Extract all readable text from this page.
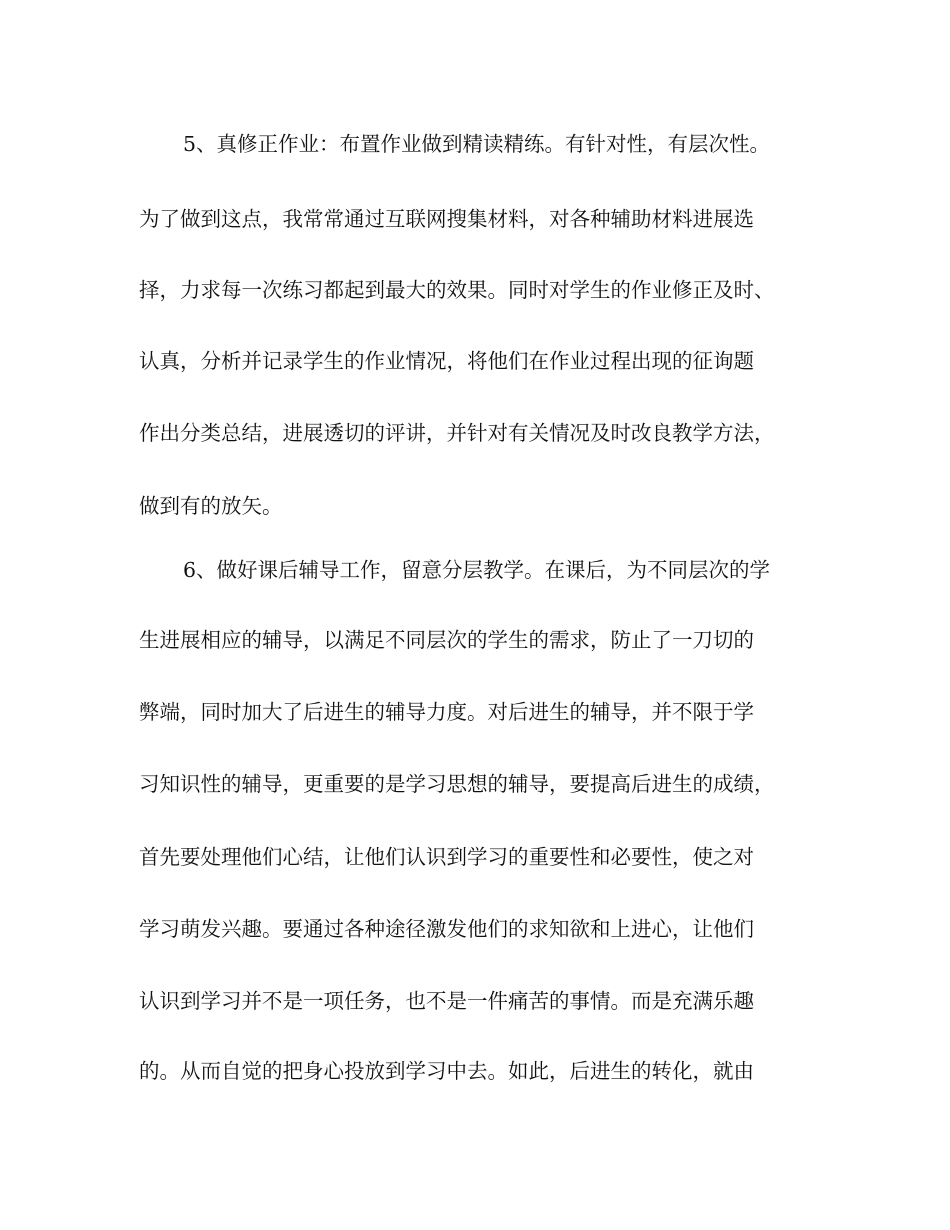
5、真修正作业：布置作业做到精读精练。有针对性，有层次性。
为了做到这点，我常常通过互联网搜集材料，对各种辅助材料进展选
择，力求每一次练习都起到最大的效果。同时对学生的作业修正及时、
认真，分析并记录学生的作业情况，将他们在作业过程出现的征询题
作出分类总结，进展透切的评讲，并针对有关情况及时改良教学方法，
做到有的放矢。
6、做好课后辅导工作，留意分层教学。在课后，为不同层次的学
生进展相应的辅导，以满足不同层次的学生的需求，防止了一刀切的
弊端，同时加大了后进生的辅导力度。对后进生的辅导，并不限于学
习知识性的辅导，更重要的是学习思想的辅导，要提高后进生的成绩，
首先要处理他们心结，让他们认识到学习的重要性和必要性，使之对
学习萌发兴趣。要通过各种途径激发他们的求知欲和上进心，让他们
认识到学习并不是一项任务，也不是一件痛苦的事情。而是充满乐趣
的。从而自觉的把身心投放到学习中去。如此，后进生的转化，就由
